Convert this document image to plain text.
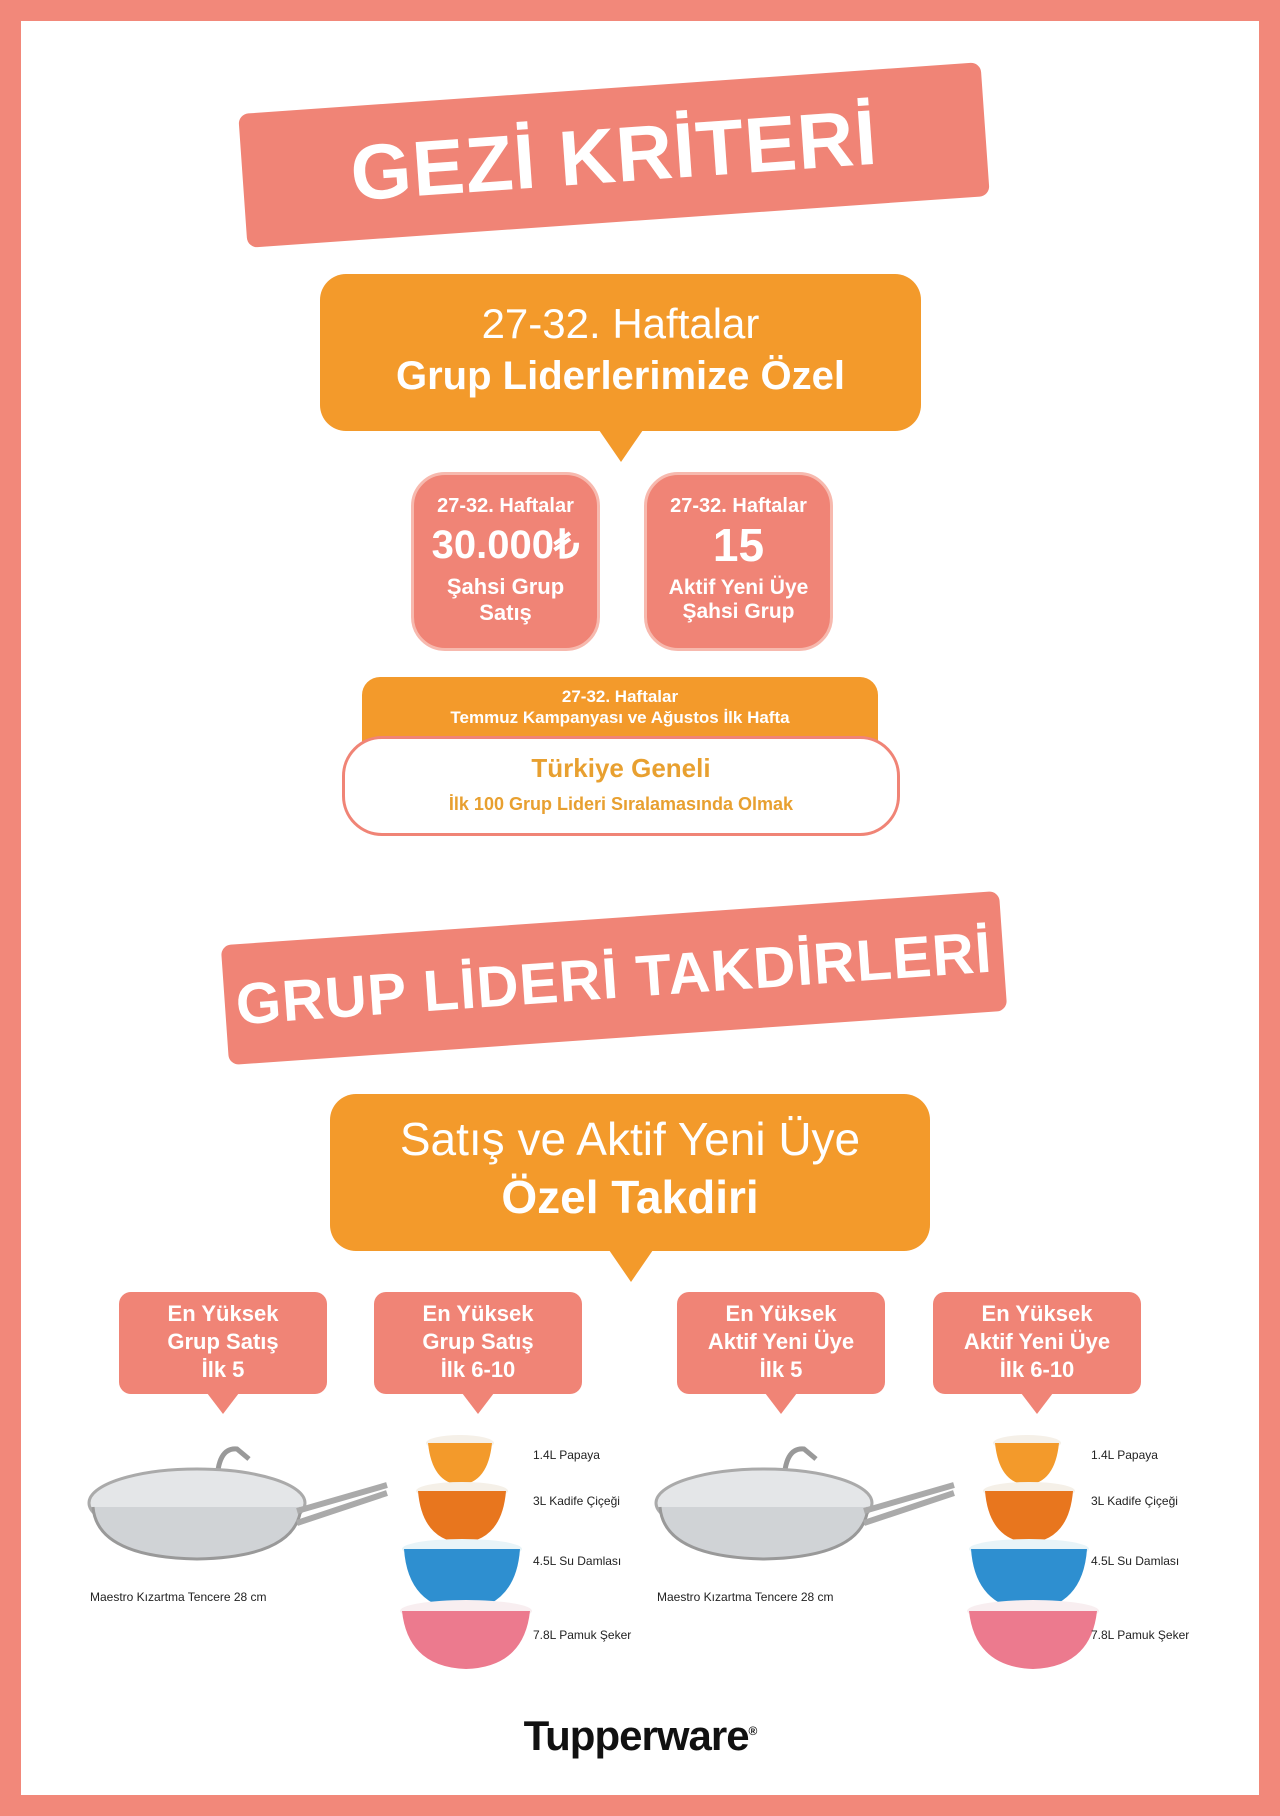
GEZİ KRİTERİ
27-32. Haftalar
Grup Liderlerimize Özel
27-32. Haftalar
30.000₺
Şahsi Grup
Satış
27-32. Haftalar
15
Aktif Yeni Üye
Şahsi Grup
27-32. Haftalar
Temmuz Kampanyası ve Ağustos İlk Hafta
Türkiye Geneli
İlk 100 Grup Lideri Sıralamasında Olmak
GRUP LİDERİ TAKDİRLERİ
Satış ve Aktif Yeni Üye
Özel Takdiri
En Yüksek
Grup Satış
İlk 5
Maestro Kızartma Tencere 28 cm
En Yüksek
Grup Satış
İlk 6-10
1.4L Papaya
3L Kadife Çiçeği
4.5L Su Damlası
7.8L Pamuk Şeker
En Yüksek
Aktif Yeni Üye
İlk 5
Maestro Kızartma Tencere 28 cm
En Yüksek
Aktif Yeni Üye
İlk 6-10
1.4L Papaya
3L Kadife Çiçeği
4.5L Su Damlası
7.8L Pamuk Şeker
Tupperware®
